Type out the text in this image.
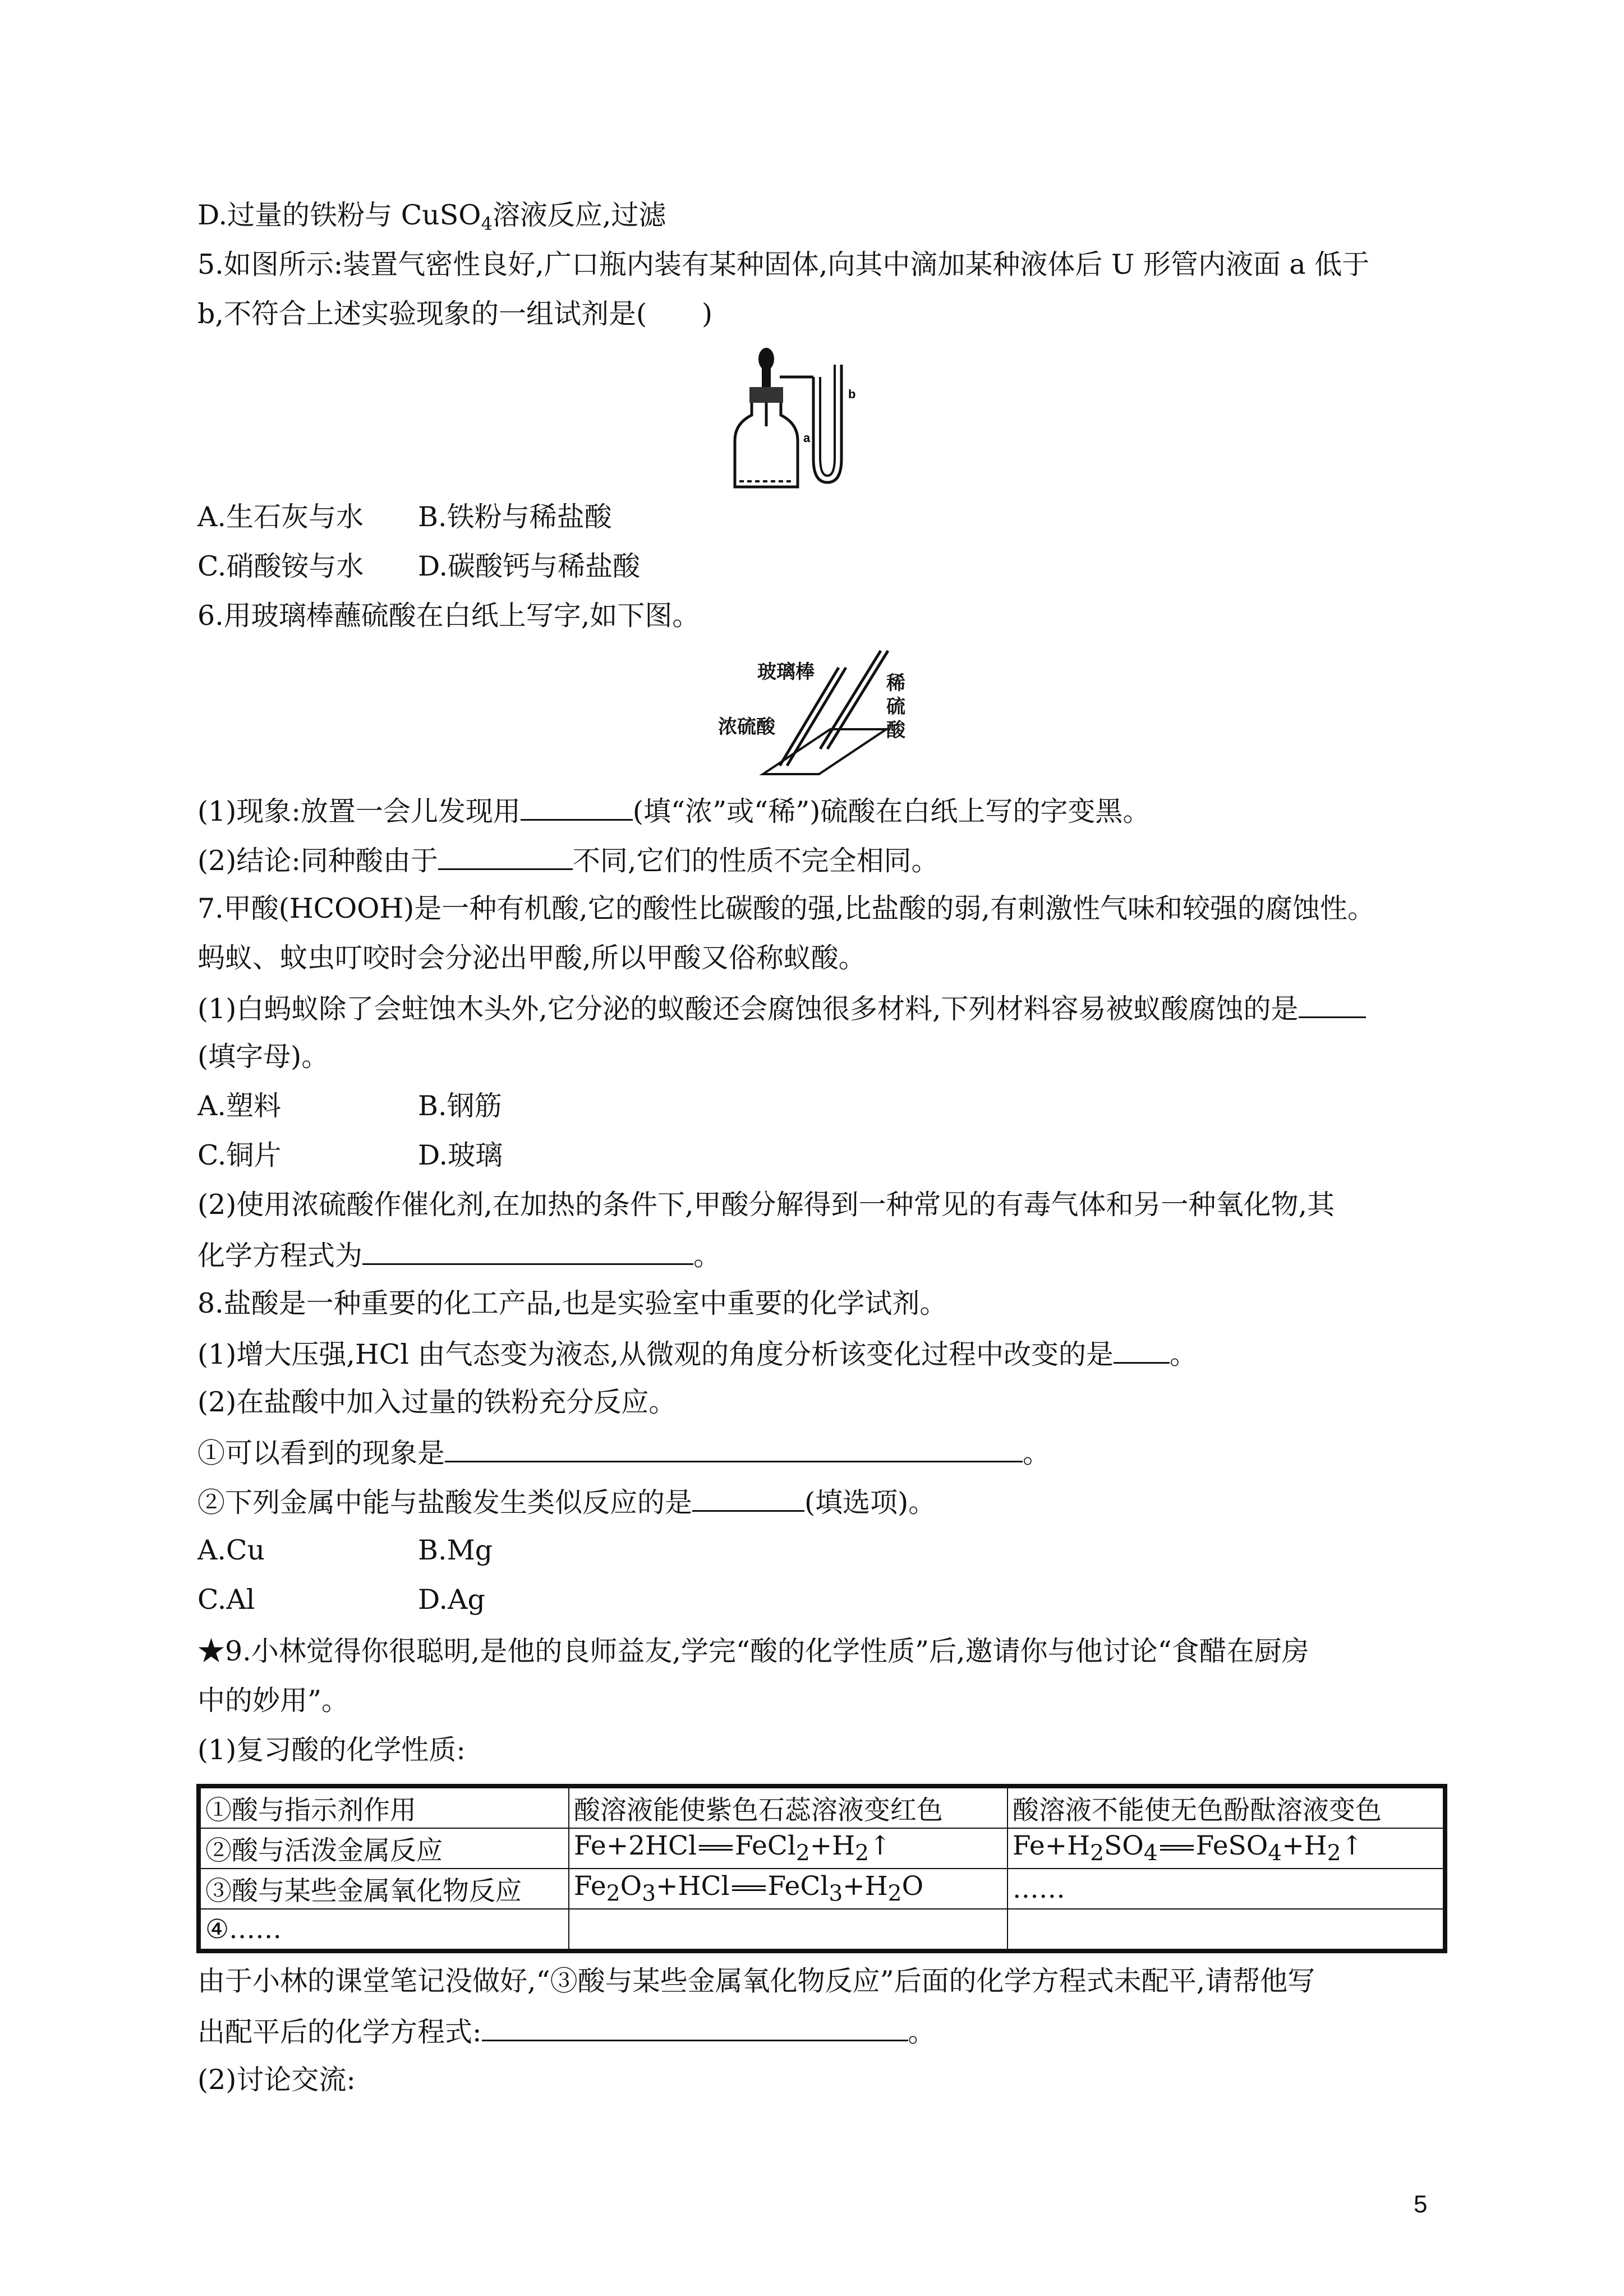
D.过量的铁粉与 CuSO$_4$溶液反应,过滤
5.如图所示:装置气密性良好,广口瓶内装有某种固体,向其中滴加某种液体后 U 形管内液面 a 低于
b,不符合上述实验现象的一组试剂是(　　)
a
b
A.生石灰与水 B.铁粉与稀盐酸
C.硝酸铵与水 D.碳酸钙与稀盐酸
6.用玻璃棒蘸硫酸在白纸上写字,如下图。
玻璃棒
浓硫酸
稀
硫
酸
(1)现象:放置一会儿发现用	(填“浓”或“稀”)硫酸在白纸上写的字变黑。
(2)结论:同种酸由于	不同,它们的性质不完全相同。
7.甲酸(HCOOH)是一种有机酸,它的酸性比碳酸的强,比盐酸的弱,有刺激性气味和较强的腐蚀性。
蚂蚁、蚊虫叮咬时会分泌出甲酸,所以甲酸又俗称蚁酸。
(1)白蚂蚁除了会蛀蚀木头外,它分泌的蚁酸还会腐蚀很多材料,下列材料容易被蚁酸腐蚀的是
(填字母)。
A.塑料	B.钢筋
C.铜片	D.玻璃
(2)使用浓硫酸作催化剂,在加热的条件下,甲酸分解得到一种常见的有毒气体和另一种氧化物,其
化学方程式为	。
8.盐酸是一种重要的化工产品,也是实验室中重要的化学试剂。
(1)增大压强,HCl 由气态变为液态,从微观的角度分析该变化过程中改变的是 。
(2)在盐酸中加入过量的铁粉充分反应。
①可以看到的现象是	。
②下列金属中能与盐酸发生类似反应的是	(填选项)。
A.Cu	B.Mg
C.Al	D.Ag
★9.小林觉得你很聪明,是他的良师益友,学完“酸的化学性质”后,邀请你与他讨论“食醋在厨房
中的妙用”。
(1)复习酸的化学性质:
①酸与指示剂作用	酸溶液能使紫色石蕊溶液变红色	酸溶液不能使无色酚酞溶液变色
②酸与活泼金属反应	Fe+2HCl $FeCl_2+H_2↑$	$Fe+H_2SO_4$ $FeSO_4+H_2↑$
③酸与某些金属氧化物反应	$Fe_2O_3+HCl$ $FeCl_3+H_2O$	……
④……		
由于小林的课堂笔记没做好,“③酸与某些金属氧化物反应”后面的化学方程式未配平,请帮他写
出配平后的化学方程式:	。
(2)讨论交流:
5
